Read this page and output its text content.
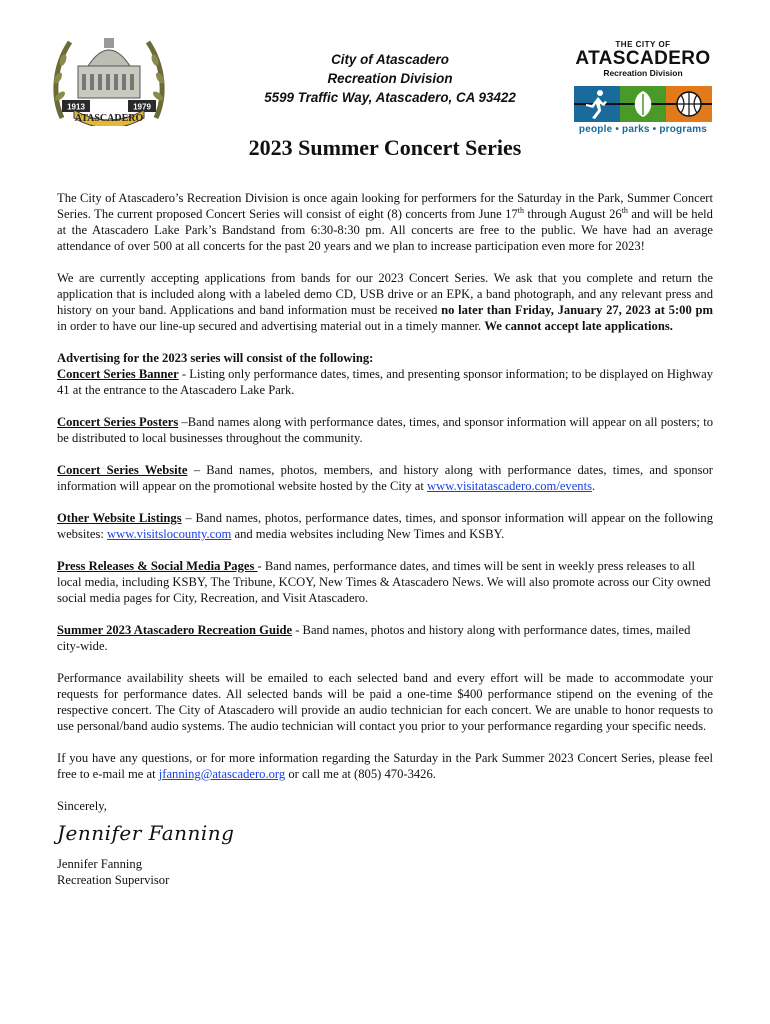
1913	1979
ATASCADERO
City of Atascadero
Recreation Division
5599 Traffic Way, Atascadero, CA 93422
THE CITY OF
ATASCADERO
Recreation Division
people • parks • programs
2023 Summer Concert Series

The City of Atascadero’s Recreation Division is once again looking for performers for the Saturday in the Park, Summer Concert Series. The current proposed Concert Series will consist of eight (8) concerts from June 17th through August 26th and will be held at the Atascadero Lake Park’s Bandstand from 6:30-8:30 pm. All concerts are free to the public. We have had an average attendance of over 500 at all concerts for the past 20 years and we plan to increase participation even more for 2023!

We are currently accepting applications from bands for our 2023 Concert Series. We ask that you complete and return the application that is included along with a labeled demo CD, USB drive or an EPK, a band photograph, and any relevant press and history on your band. Applications and band information must be received no later than Friday, January 27, 2023 at 5:00 pm in order to have our line-up secured and advertising material out in a timely manner. We cannot accept late applications.

Advertising for the 2023 series will consist of the following:

Concert Series Banner - Listing only performance dates, times, and presenting sponsor information; to be displayed on Highway 41 at the entrance to the Atascadero Lake Park.

Concert Series Posters –Band names along with performance dates, times, and sponsor information will appear on all posters; to be distributed to local businesses throughout the community.

Concert Series Website – Band names, photos, members, and history along with performance dates, times, and sponsor information will appear on the promotional website hosted by the City at www.visitatascadero.com/events.

Other Website Listings – Band names, photos, performance dates, times, and sponsor information will appear on the following websites: www.visitslocounty.com and media websites including New Times and KSBY.

Press Releases & Social Media Pages - Band names, performance dates, and times will be sent in weekly press releases to all local media, including KSBY, The Tribune, KCOY, New Times & Atascadero News. We will also promote across our City owned social media pages for City, Recreation, and Visit Atascadero.

Summer 2023 Atascadero Recreation Guide - Band names, photos and history along with performance dates, times, mailed city-wide.

Performance availability sheets will be emailed to each selected band and every effort will be made to accommodate your requests for performance dates. All selected bands will be paid a one-time $400 performance stipend on the evening of the respective concert. The City of Atascadero will provide an audio technician for each concert. We are unable to honor requests to use personal/band audio systems. The audio technician will contact you prior to your performance regarding your specific needs.

If you have any questions, or for more information regarding the Saturday in the Park Summer 2023 Concert Series, please feel free to e-mail me at jfanning@atascadero.org or call me at (805) 470-3426.

Sincerely,

Jennifer Fanning
Jennifer Fanning
Recreation Supervisor
